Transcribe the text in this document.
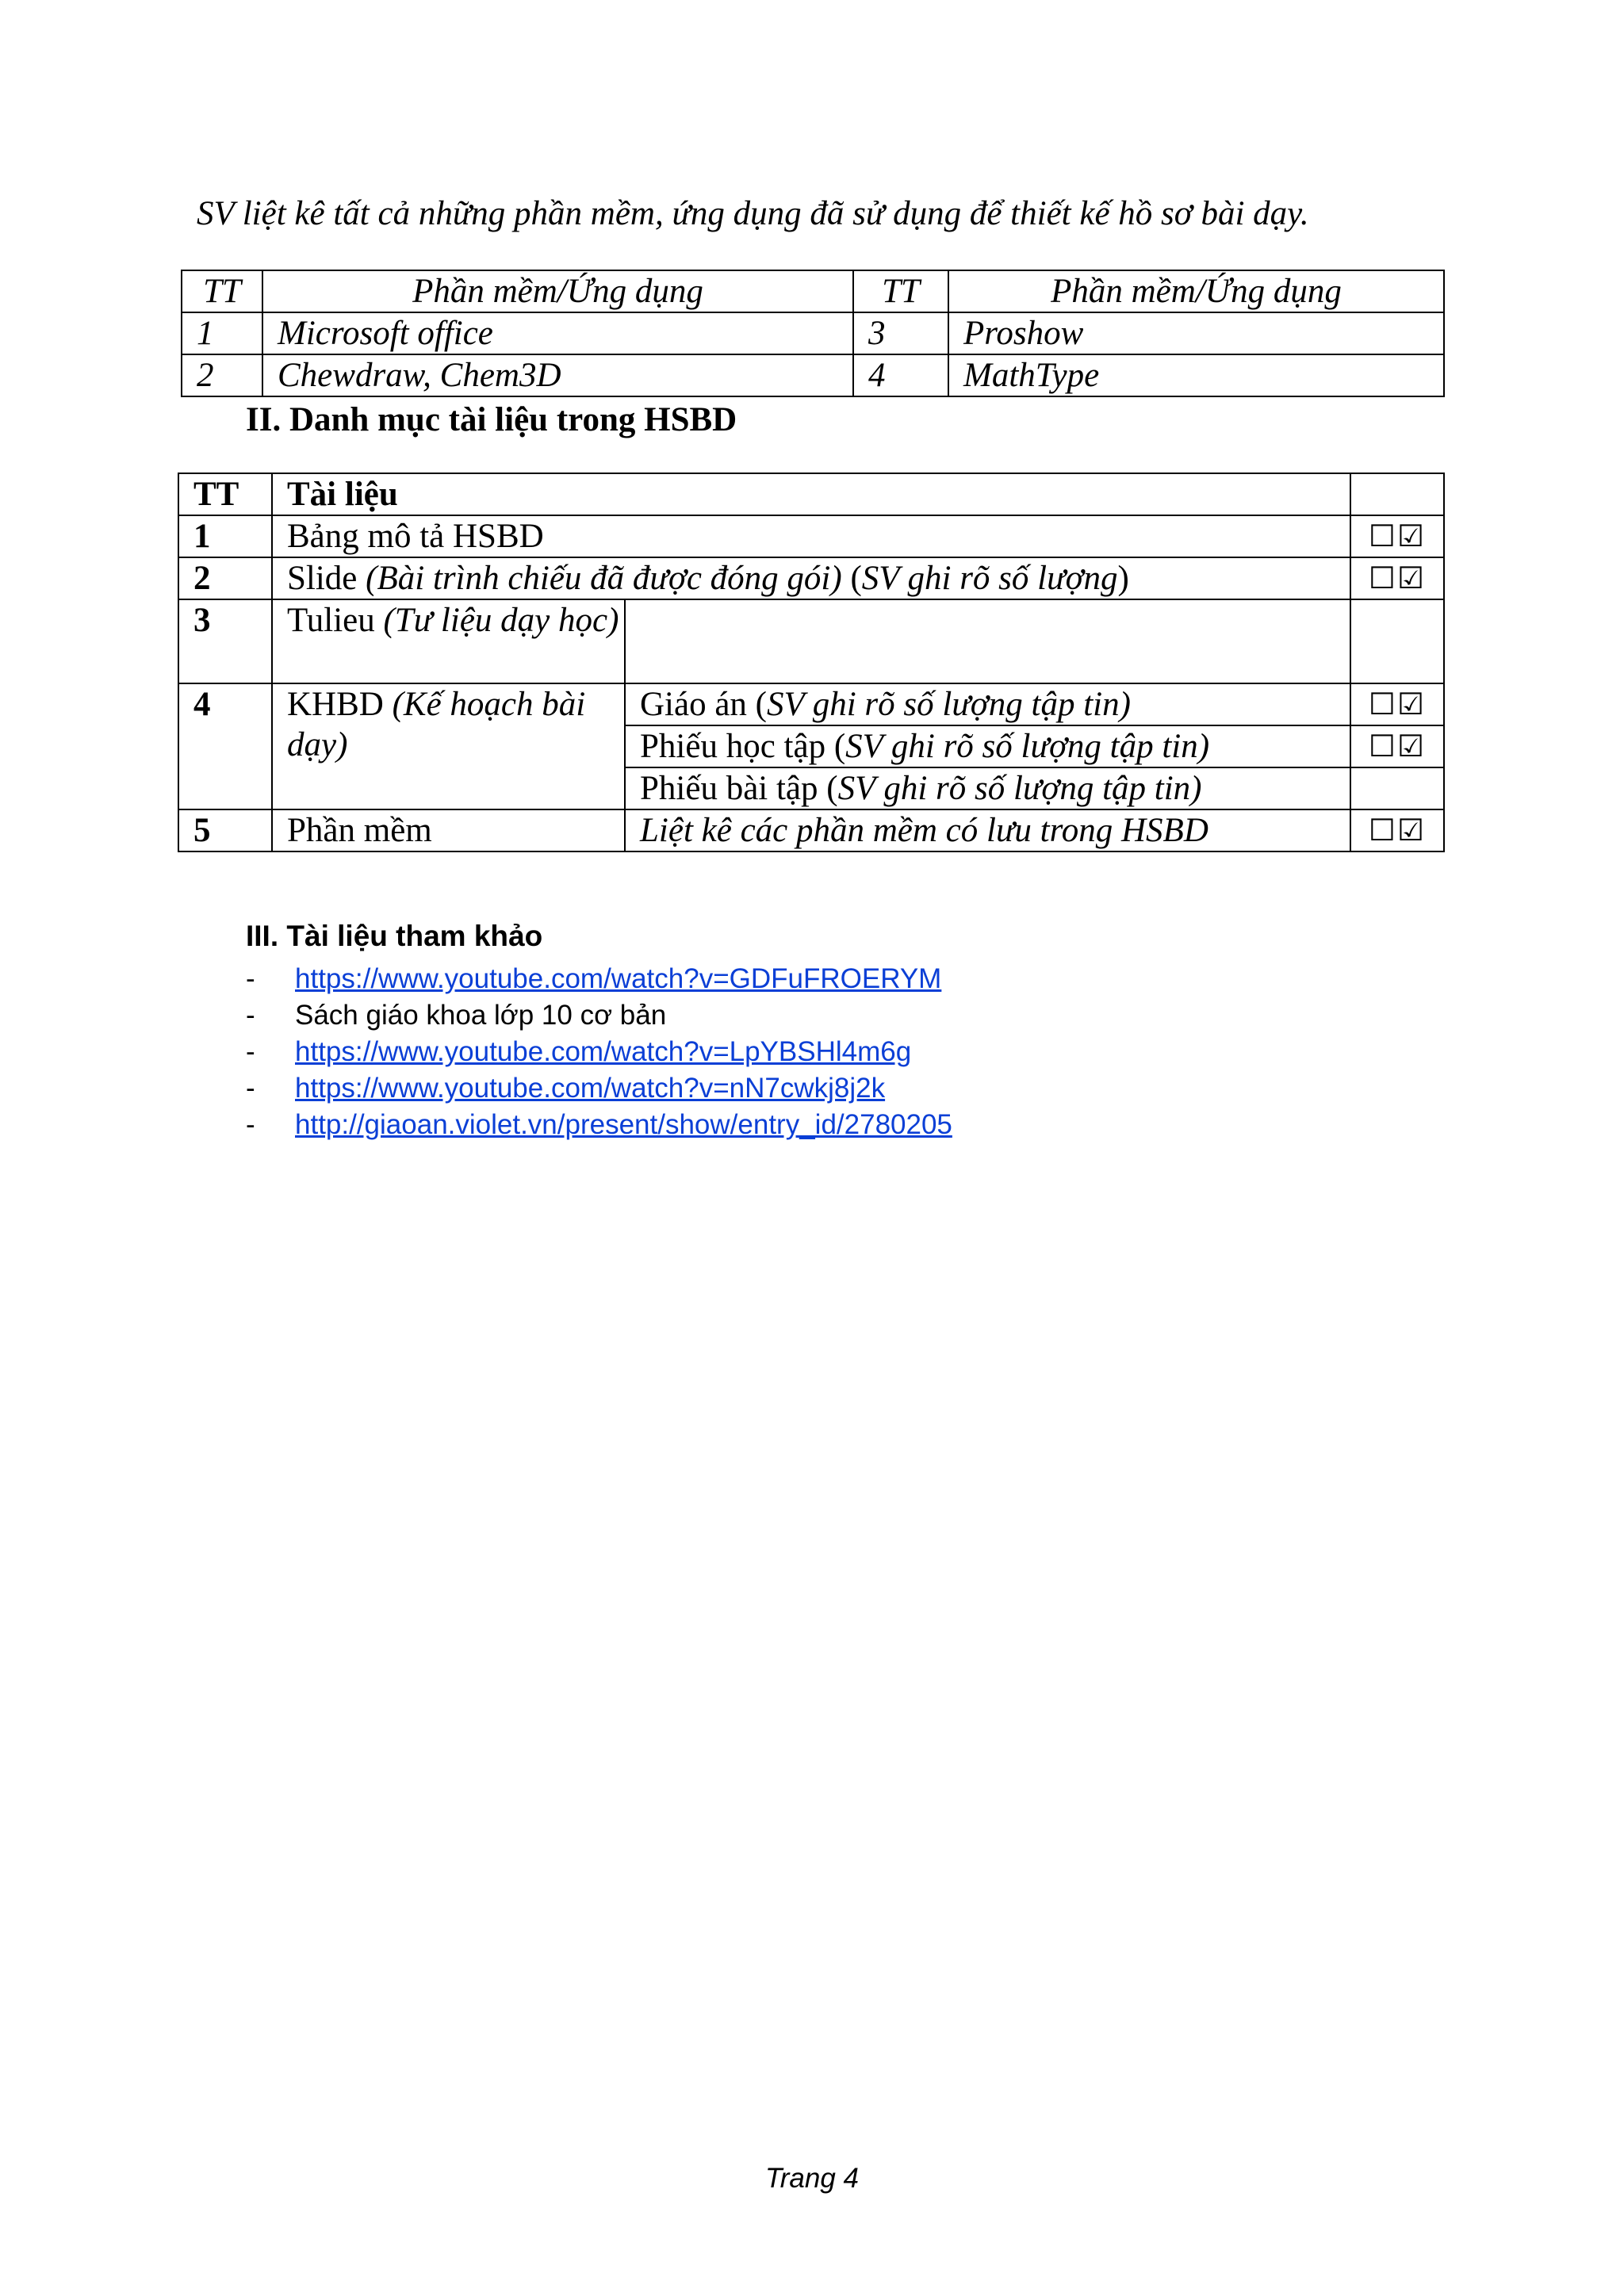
SV liệt kê tất cả những phần mềm, ứng dụng đã sử dụng để thiết kế hồ sơ bài dạy.
TT	Phần mềm/Ứng dụng	TT	Phần mềm/Ứng dụng
1	Microsoft office	3	Proshow
2	Chewdraw, Chem3D	4	MathType
II. Danh mục tài liệu trong HSBD
TT	Tài liệu		
1	Bảng mô tả HSBD		☐☑
2	Slide (Bài trình chiếu đã được đóng gói) (SV ghi rõ số lượng)		☐☑
3	Tulieu (Tư liệu dạy học)		
4	KHBD (Kế hoạch bài dạy)	Giáo án (SV ghi rõ số lượng tập tin)	☐☑
		Phiếu học tập (SV ghi rõ số lượng tập tin)	☐☑
		Phiếu bài tập (SV ghi rõ số lượng tập tin)	
5	Phần mềm	Liệt kê các phần mềm có lưu trong HSBD	☐☑
III. Tài liệu tham khảo
- https://www.youtube.com/watch?v=GDFuFROERYM
- Sách giáo khoa lớp 10 cơ bản
- https://www.youtube.com/watch?v=LpYBSHl4m6g
- https://www.youtube.com/watch?v=nN7cwkj8j2k
- http://giaoan.violet.vn/present/show/entry_id/2780205
Trang 4
